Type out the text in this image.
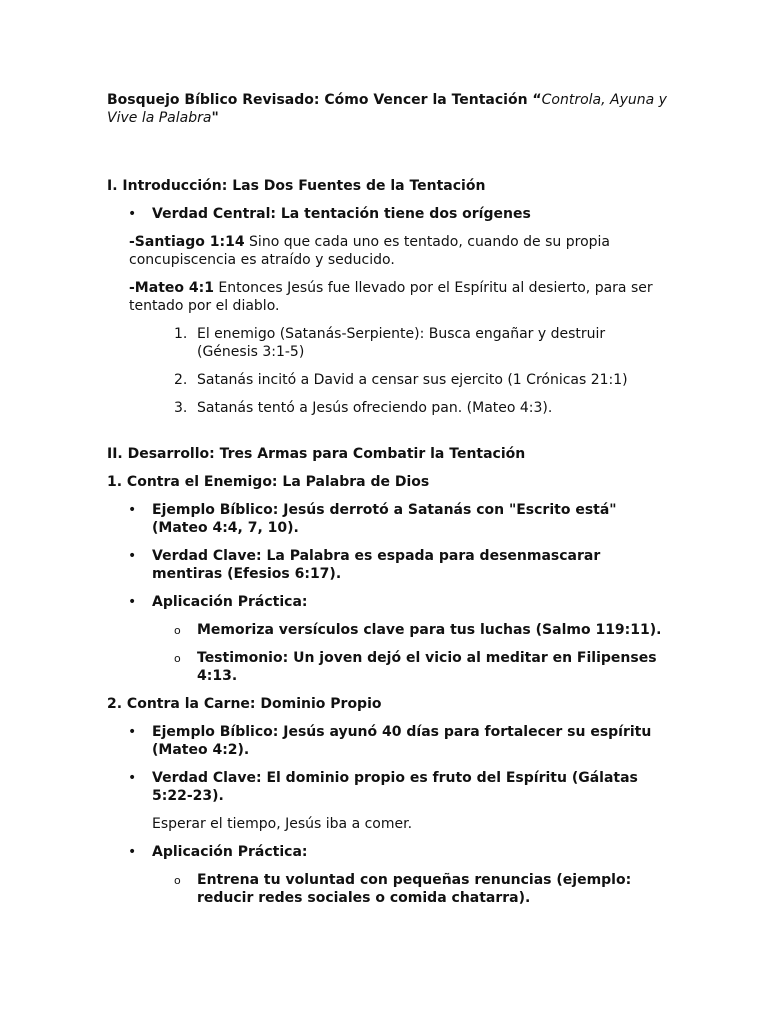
Bosquejo Bíblico Revisado: Cómo Vencer la Tentación “Controla, Ayuna y Vive la Palabra"

I. Introducción: Las Dos Fuentes de la Tentación

• Verdad Central: La tentación tiene dos orígenes

-Santiago 1:14 Sino que cada uno es tentado, cuando de su propia concupiscencia es atraído y seducido.

-Mateo 4:1 Entonces Jesús fue llevado por el Espíritu al desierto, para ser tentado por el diablo.

1. El enemigo (Satanás-Serpiente): Busca engañar y destruir (Génesis 3:1-5)
2. Satanás incitó a David a censar sus ejercito (1 Crónicas 21:1)
3. Satanás tentó a Jesús ofreciendo pan. (Mateo 4:3).

II. Desarrollo: Tres Armas para Combatir la Tentación

1. Contra el Enemigo: La Palabra de Dios

• Ejemplo Bíblico: Jesús derrotó a Satanás con "Escrito está" (Mateo 4:4, 7, 10).
• Verdad Clave: La Palabra es espada para desenmascarar mentiras (Efesios 6:17).
• Aplicación Práctica:
o Memoriza versículos clave para tus luchas (Salmo 119:11).
o Testimonio: Un joven dejó el vicio al meditar en Filipenses 4:13.

2. Contra la Carne: Dominio Propio

• Ejemplo Bíblico: Jesús ayunó 40 días para fortalecer su espíritu (Mateo 4:2).
• Verdad Clave: El dominio propio es fruto del Espíritu (Gálatas 5:22-23).

Esperar el tiempo, Jesús iba a comer.

• Aplicación Práctica:
o Entrena tu voluntad con pequeñas renuncias (ejemplo: reducir redes sociales o comida chatarra).
